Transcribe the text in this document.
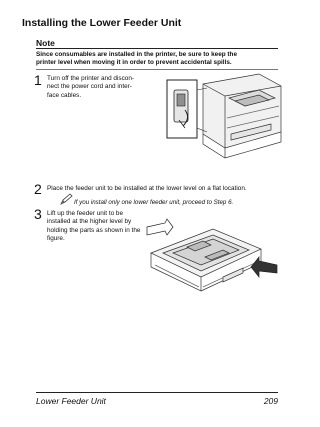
Installing the Lower Feeder Unit
Note
Since consumables are installed in the printer, be sure to keep the
printer level when moving it in order to prevent accidental spills.
1 Turn off the printer and discon-
nect the power cord and inter-
face cables.
2 Place the feeder unit to be installed at the lower level on a flat location.
If you install only one lower feeder unit, proceed to Step 6.
3 Lift up the feeder unit to be
installed at the higher level by
holding the parts as shown in the
figure.
Lower Feeder Unit	209
